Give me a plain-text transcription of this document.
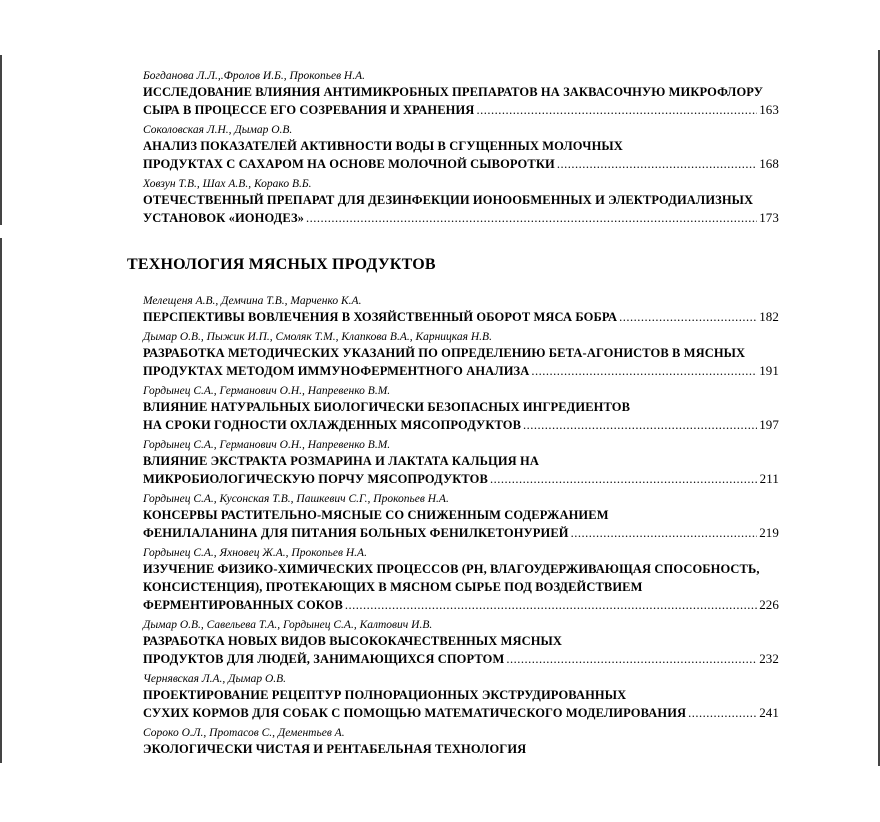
Богданова Л.Л.,.Фролов И.Б., Прокопьев Н.А.
ИССЛЕДОВАНИЕ ВЛИЯНИЯ АНТИМИКРОБНЫХ ПРЕПАРАТОВ НА ЗАКВАСОЧНУЮ МИКРОФЛОРУ
СЫРА В ПРОЦЕССЕ ЕГО СОЗРЕВАНИЯ И ХРАНЕНИЯ .....	163
Соколовская Л.Н., Дымар О.В.
АНАЛИЗ ПОКАЗАТЕЛЕЙ АКТИВНОСТИ ВОДЫ В СГУЩЕННЫХ МОЛОЧНЫХ
ПРОДУКТАХ С САХАРОМ НА ОСНОВЕ МОЛОЧНОЙ СЫВОРОТКИ .....	168
Ховзун Т.В., Шах А.В., Корако В.Б.
ОТЕЧЕСТВЕННЫЙ ПРЕПАРАТ ДЛЯ ДЕЗИНФЕКЦИИ ИОНООБМЕННЫХ И ЭЛЕКТРОДИАЛИЗНЫХ
УСТАНОВОК «ИОНОДЕЗ» .....	173
ТЕХНОЛОГИЯ МЯСНЫХ ПРОДУКТОВ
Мелещеня А.В., Демчина Т.В., Марченко К.А.
ПЕРСПЕКТИВЫ ВОВЛЕЧЕНИЯ В ХОЗЯЙСТВЕННЫЙ ОБОРОТ МЯСА БОБРА .....	182
Дымар О.В., Пыжик И.П., Смоляк Т.М., Клапкова В.А., Карницкая Н.В.
РАЗРАБОТКА МЕТОДИЧЕСКИХ УКАЗАНИЙ ПО ОПРЕДЕЛЕНИЮ БЕТА-АГОНИСТОВ В МЯСНЫХ
ПРОДУКТАХ МЕТОДОМ ИММУНОФЕРМЕНТНОГО АНАЛИЗА .....	191
Гордынец С.А., Германович О.Н., Напревенко В.М.
ВЛИЯНИЕ НАТУРАЛЬНЫХ БИОЛОГИЧЕСКИ БЕЗОПАСНЫХ ИНГРЕДИЕНТОВ
НА СРОКИ ГОДНОСТИ ОХЛАЖДЕННЫХ МЯСОПРОДУКТОВ .....	197
Гордынец С.А., Германович О.Н., Напревенко В.М.
ВЛИЯНИЕ ЭКСТРАКТА РОЗМАРИНА И ЛАКТАТА КАЛЬЦИЯ НА
МИКРОБИОЛОГИЧЕСКУЮ ПОРЧУ МЯСОПРОДУКТОВ .....	211
Гордынец С.А., Кусонская Т.В., Пашкевич С.Г., Прокопьев Н.А.
КОНСЕРВЫ РАСТИТЕЛЬНО-МЯСНЫЕ СО СНИЖЕННЫМ СОДЕРЖАНИЕМ
ФЕНИЛАЛАНИНА ДЛЯ ПИТАНИЯ БОЛЬНЫХ ФЕНИЛКЕТОНУРИЕЙ .....	219
Гордынец С.А., Яхновец Ж.А., Прокопьев Н.А.
ИЗУЧЕНИЕ ФИЗИКО-ХИМИЧЕСКИХ ПРОЦЕССОВ (РН, ВЛАГОУДЕРЖИВАЮЩАЯ СПОСОБНОСТЬ,
КОНСИСТЕНЦИЯ), ПРОТЕКАЮЩИХ В МЯСНОМ СЫРЬЕ ПОД ВОЗДЕЙСТВИЕМ
ФЕРМЕНТИРОВАННЫХ СОКОВ .....	226
Дымар О.В., Савельева Т.А., Гордынец С.А., Калтович И.В.
РАЗРАБОТКА НОВЫХ ВИДОВ ВЫСОКОКАЧЕСТВЕННЫХ МЯСНЫХ
ПРОДУКТОВ ДЛЯ ЛЮДЕЙ, ЗАНИМАЮЩИХСЯ СПОРТОМ .....	232
Чернявская Л.А., Дымар О.В.
ПРОЕКТИРОВАНИЕ РЕЦЕПТУР ПОЛНОРАЦИОННЫХ ЭКСТРУДИРОВАННЫХ
СУХИХ КОРМОВ ДЛЯ СОБАК С ПОМОЩЬЮ МАТЕМАТИЧЕСКОГО МОДЕЛИРОВАНИЯ .....	241
Сороко О.Л., Протасов С., Дементьев А.
ЭКОЛОГИЧЕСКИ ЧИСТАЯ И РЕНТАБЕЛЬНАЯ ТЕХНОЛОГИЯ
